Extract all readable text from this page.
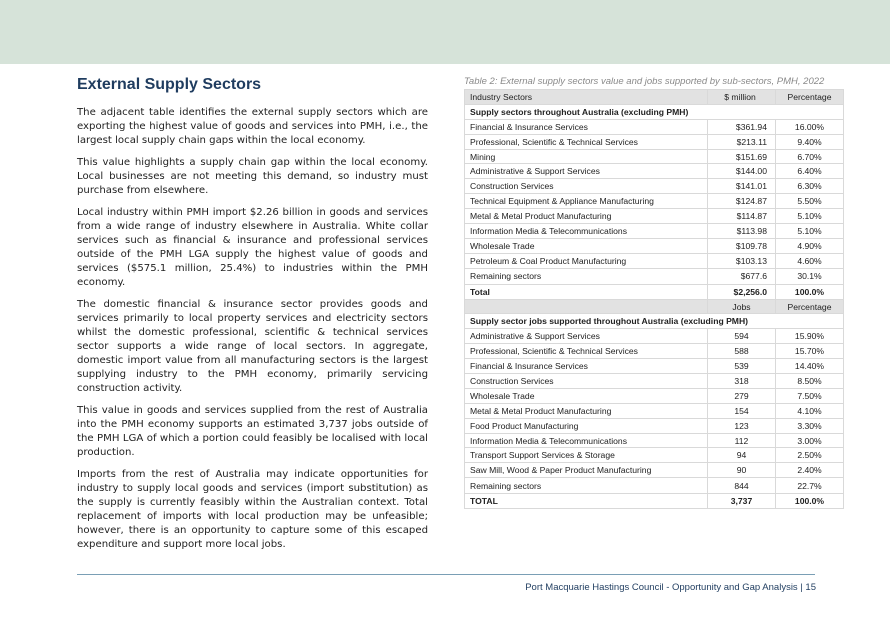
External Supply Sectors

The adjacent table identifies the external supply sectors which are exporting the highest value of goods and services into PMH, i.e., the largest local supply chain gaps within the local economy.

This value highlights a supply chain gap within the local economy. Local businesses are not meeting this demand, so industry must purchase from elsewhere.

Local industry within PMH import $2.26 billion in goods and services from a wide range of industry elsewhere in Australia. White collar services such as financial & insurance and professional services outside of the PMH LGA supply the highest value of goods and services ($575.1 million, 25.4%) to industries within the PMH economy.

The domestic financial & insurance sector provides goods and services primarily to local property services and electricity sectors whilst the domestic professional, scientific & technical services sector supports a wide range of local sectors. In aggregate, domestic import value from all manufacturing sectors is the largest supplying industry to the PMH economy, primarily servicing construction activity.

This value in goods and services supplied from the rest of Australia into the PMH economy supports an estimated 3,737 jobs outside of the PMH LGA of which a portion could feasibly be localised with local production.

Imports from the rest of Australia may indicate opportunities for industry to supply local goods and services (import substitution) as the supply is currently feasibly within the Australian context. Total replacement of imports with local production may be unfeasible; however, there is an opportunity to capture some of this escaped expenditure and support more local jobs.

Table 2: External supply sectors value and jobs supported by sub-sectors, PMH, 2022
Industry Sectors	$ million	Percentage
Supply sectors throughout Australia (excluding PMH)		
Financial & Insurance Services	$361.94	16.00%
Professional, Scientific & Technical Services	$213.11	9.40%
Mining	$151.69	6.70%
Administrative & Support Services	$144.00	6.40%
Construction Services	$141.01	6.30%
Technical Equipment & Appliance Manufacturing	$124.87	5.50%
Metal & Metal Product Manufacturing	$114.87	5.10%
Information Media & Telecommunications	$113.98	5.10%
Wholesale Trade	$109.78	4.90%
Petroleum & Coal Product Manufacturing	$103.13	4.60%
Remaining sectors	$677.6	30.1%
Total	$2,256.0	100.0%
	Jobs	Percentage
Supply sector jobs supported throughout Australia (excluding PMH)		
Administrative & Support Services	594	15.90%
Professional, Scientific & Technical Services	588	15.70%
Financial & Insurance Services	539	14.40%
Construction Services	318	8.50%
Wholesale Trade	279	7.50%
Metal & Metal Product Manufacturing	154	4.10%
Food Product Manufacturing	123	3.30%
Information Media & Telecommunications	112	3.00%
Transport Support Services & Storage	94	2.50%
Saw Mill, Wood & Paper Product Manufacturing	90	2.40%
Remaining sectors	844	22.7%
TOTAL	3,737	100.0%
Port Macquarie Hastings Council - Opportunity and Gap Analysis | 15
